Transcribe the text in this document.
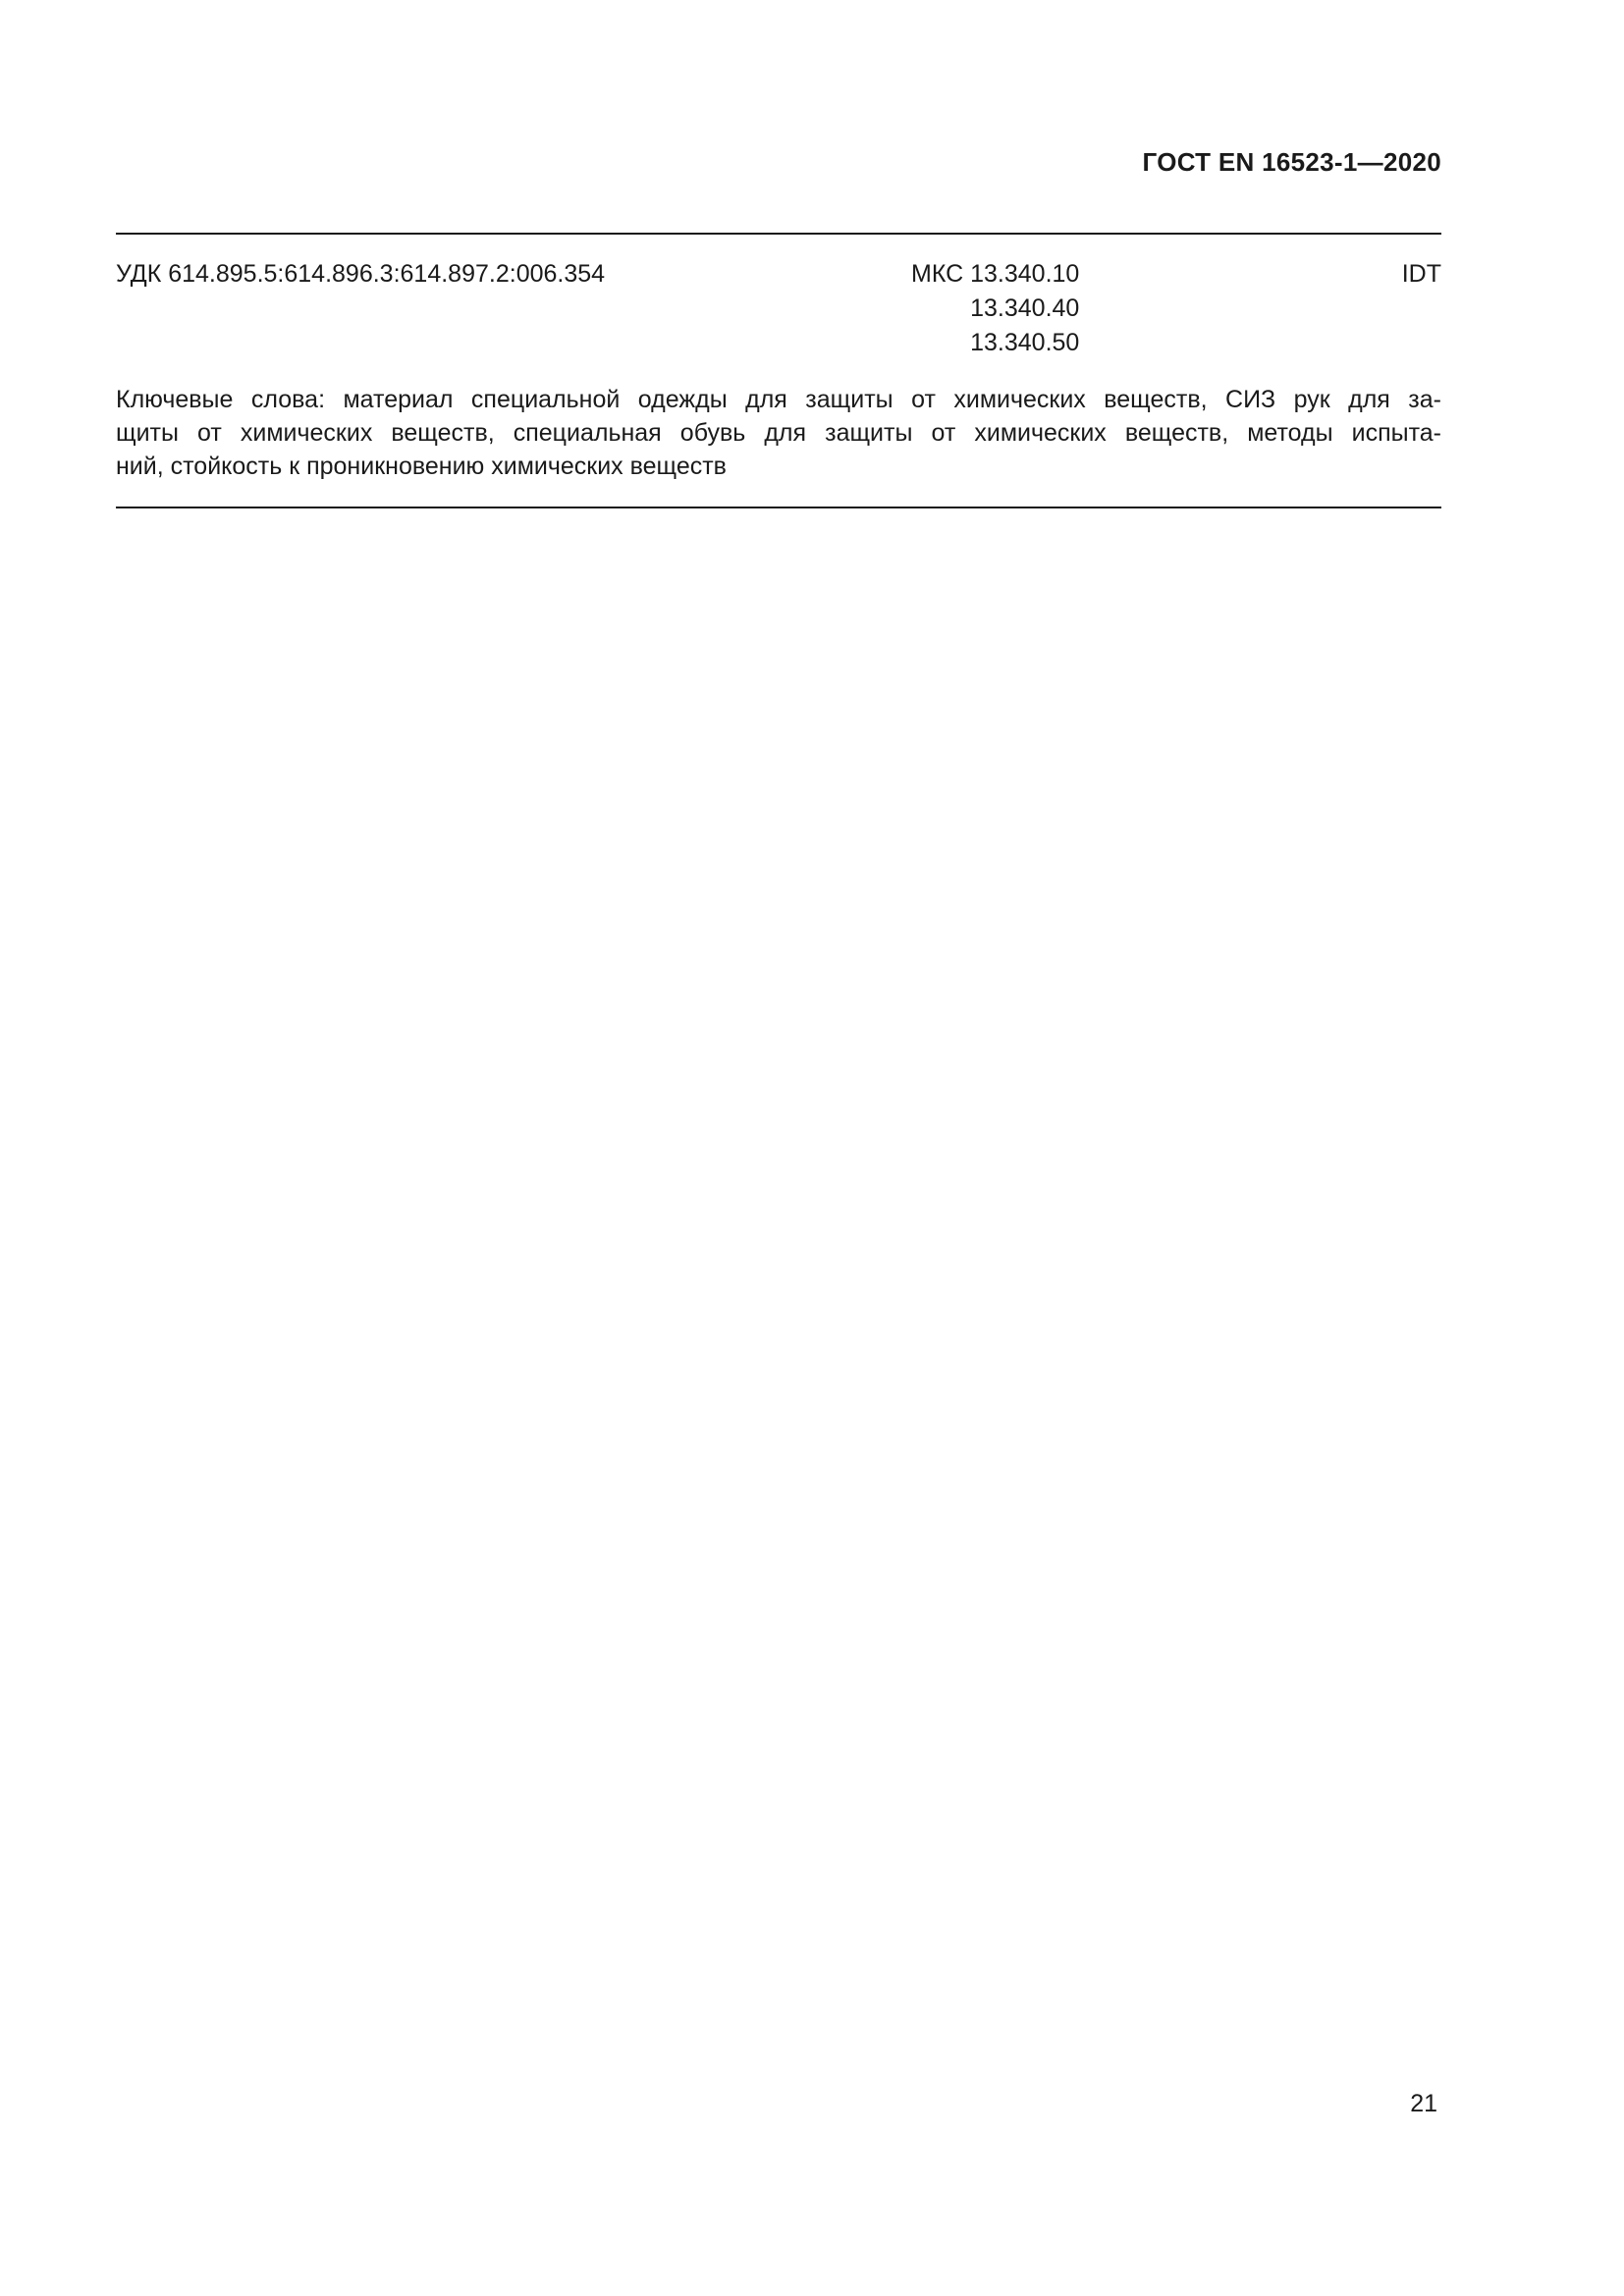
ГОСТ EN 16523-1—2020
УДК 614.895.5:614.896.3:614.897.2:006.354	МКС 13.340.10
13.340.40
13.340.50
IDT
Ключевые слова: материал специальной одежды для защиты от химических веществ, СИЗ рук для за-
щиты от химических веществ, специальная обувь для защиты от химических веществ, методы испыта-
ний, стойкость к проникновению химических веществ
21
